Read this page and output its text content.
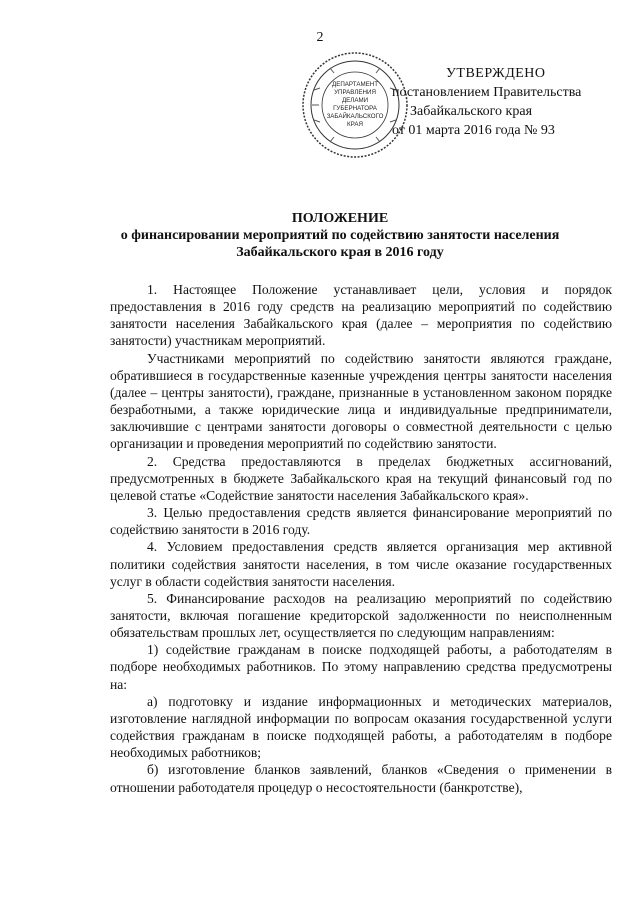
2
ДЕПАРТАМЕНТ
УПРАВЛЕНИЯ
ДЕЛАМИ
ГУБЕРНАТОРА
ЗАБАЙКАЛЬСКОГО
КРАЯ
УТВЕРЖДЕНО
постановлением Правительства
Забайкальского края
от 01 марта 2016 года № 93
ПОЛОЖЕНИЕ
о финансировании мероприятий по содействию занятости населения
Забайкальского края в 2016 году

1. Настоящее Положение устанавливает цели, условия и порядок предоставления в 2016 году средств на реализацию мероприятий по содействию занятости населения Забайкальского края (далее – мероприятия по содействию занятости) участникам мероприятий.

Участниками мероприятий по содействию занятости являются граждане, обратившиеся в государственные казенные учреждения центры занятости населения (далее – центры занятости), граждане, признанные в установленном законом порядке безработными, а также юридические лица и индивидуальные предприниматели, заключившие с центрами занятости договоры о совместной деятельности с целью организации и проведения мероприятий по содействию занятости.

2. Средства предоставляются в пределах бюджетных ассигнований, предусмотренных в бюджете Забайкальского края на текущий финансовый год по целевой статье «Содействие занятости населения Забайкальского края».

3. Целью предоставления средств является финансирование мероприятий по содействию занятости в 2016 году.

4. Условием предоставления средств является организация мер активной политики содействия занятости населения, в том числе оказание государственных услуг в области содействия занятости населения.

5. Финансирование расходов на реализацию мероприятий по содействию занятости, включая погашение кредиторской задолженности по неисполненным обязательствам прошлых лет, осуществляется по следующим направлениям:

1) содействие гражданам в поиске подходящей работы, а работодателям в подборе необходимых работников. По этому направлению средства предусмотрены на:

а) подготовку и издание информационных и методических материалов, изготовление наглядной информации по вопросам оказания государственной услуги содействия гражданам в поиске подходящей работы, а работодателям в подборе необходимых работников;

б) изготовление бланков заявлений, бланков «Сведения о применении в отношении работодателя процедур о несостоятельности (банкротстве),
